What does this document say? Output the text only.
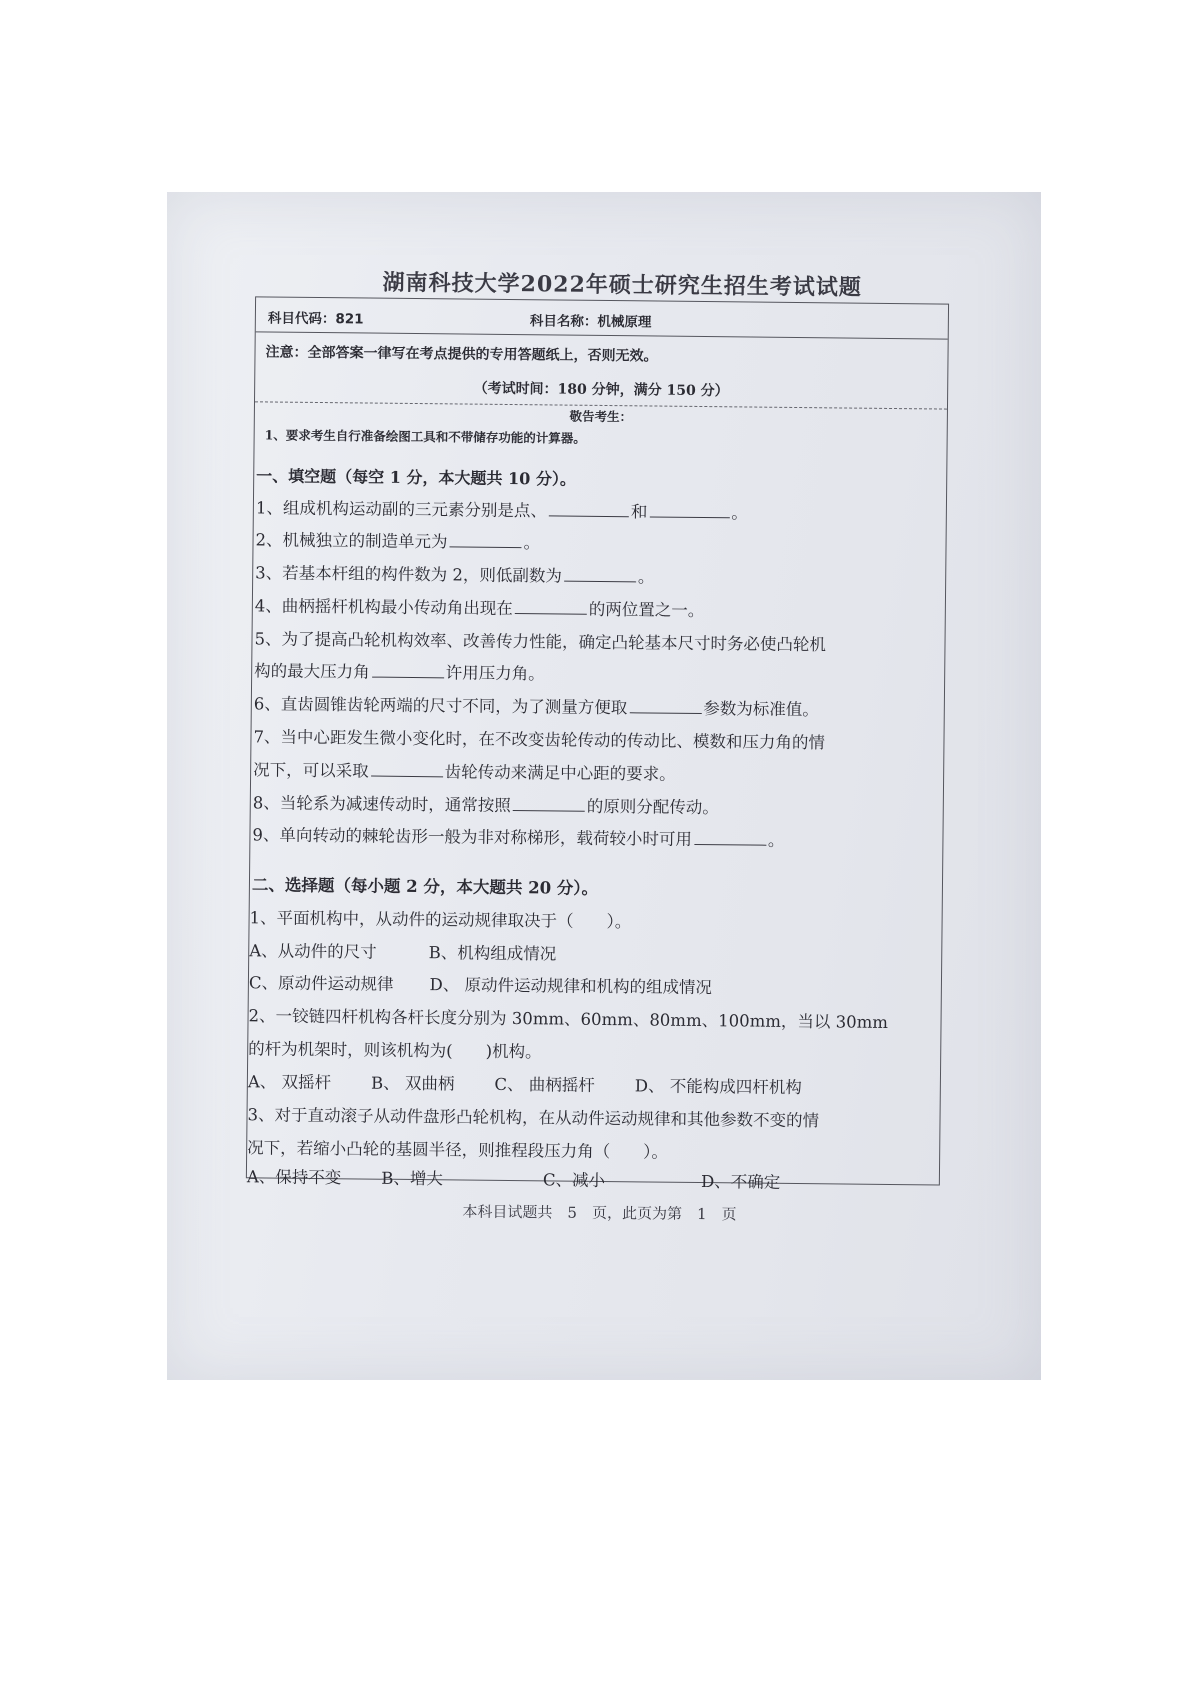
湖南科技大学2022年硕士研究生招生考试试题
科目代码：821	科目名称：机械原理
注意：全部答案一律写在考点提供的专用答题纸上，否则无效。
（考试时间：180 分钟，满分 150 分）
敬告考生：
1、要求考生自行准备绘图工具和不带储存功能的计算器。
一、填空题（每空 1 分，本大题共 10 分）。
1、组成机构运动副的三元素分别是点、	和	。
2、机械独立的制造单元为	。
3、若基本杆组的构件数为 2，则低副数为	。
4、曲柄摇杆机构最小传动角出现在	的两位置之一。
5、为了提高凸轮机构效率、改善传力性能，确定凸轮基本尺寸时务必使凸轮机
构的最大压力角	许用压力角。
6、直齿圆锥齿轮两端的尺寸不同，为了测量方便取	参数为标准值。
7、当中心距发生微小变化时，在不改变齿轮传动的传动比、模数和压力角的情
况下，可以采取	齿轮传动来满足中心距的要求。
8、当轮系为减速传动时，通常按照	的原则分配传动。
9、单向转动的棘轮齿形一般为非对称梯形，载荷较小时可用	。
二、选择题（每小题 2 分，本大题共 20 分）。
1、平面机构中，从动件的运动规律取决于（　　）。
A、从动件的尺寸	B、机构组成情况
C、原动件运动规律 D、 原动件运动规律和机构的组成情况
2、一铰链四杆机构各杆长度分别为 30mm、60mm、80mm、100mm，当以 30mm
的杆为机架时，则该机构为(　　)机构。
A、 双摇杆 B、 双曲柄 C、 曲柄摇杆 D、 不能构成四杆机构
3、对于直动滚子从动件盘形凸轮机构，在从动件运动规律和其他参数不变的情
况下，若缩小凸轮的基圆半径，则推程段压力角（　　）。
A、保持不变 B、增大	C、减小	D、不确定
本科目试题共　5　页，此页为第　1　页
